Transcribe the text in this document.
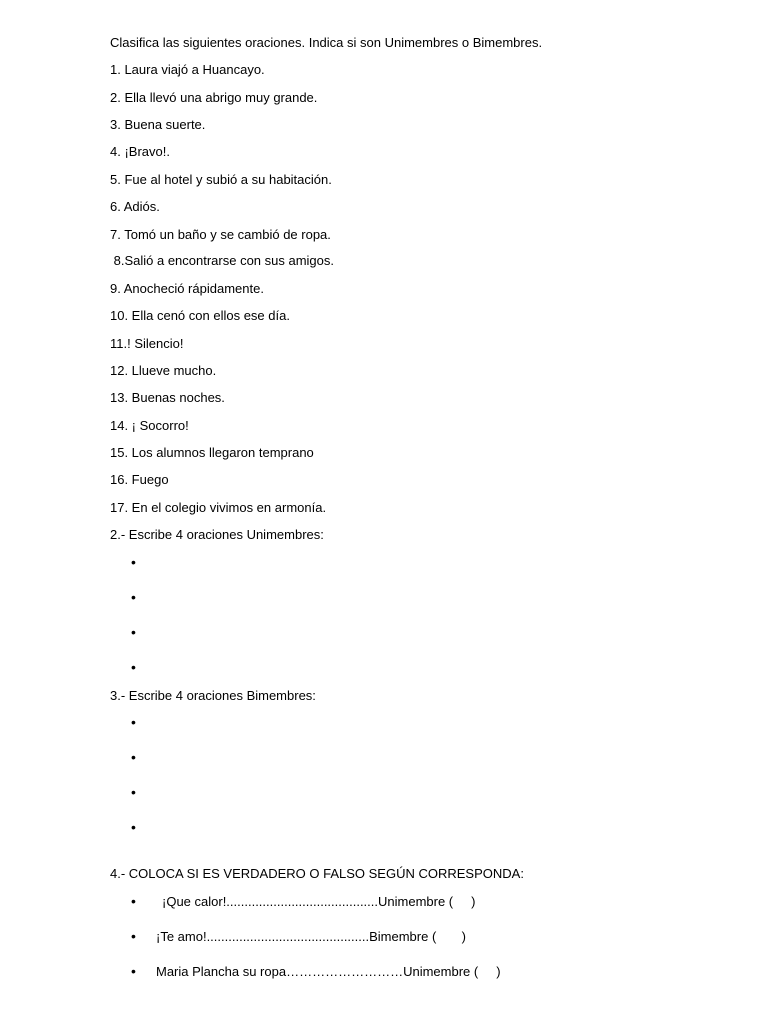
Clasifica las siguientes oraciones. Indica si son Unimembres o Bimembres.
1. Laura viajó a Huancayo.
2. Ella llevó una abrigo muy grande.
3. Buena suerte.
4. ¡Bravo!.
5. Fue al hotel y subió a su habitación.
6. Adiós.
7. Tomó un baño y se cambió de ropa.
8.Salió a encontrarse con sus amigos.
9. Anocheció rápidamente.
10. Ella cenó con ellos ese día.
11.! Silencio!
12. Llueve mucho.
13. Buenas noches.
14. ¡ Socorro!
15. Los alumnos llegaron temprano
16. Fuego
17. En el colegio vivimos en armonía.
2.- Escribe 4 oraciones Unimembres:
•
•
•
•
3.- Escribe 4 oraciones Bimembres:
•
•
•
•
4.- COLOCA SI ES VERDADERO O FALSO SEGÚN CORRESPONDA:
• ¡Que calor!..........................................Unimembre (     )
• ¡Te amo!.............................................Bimembre (       )
• Maria Plancha su ropa………………………Unimembre (     )
